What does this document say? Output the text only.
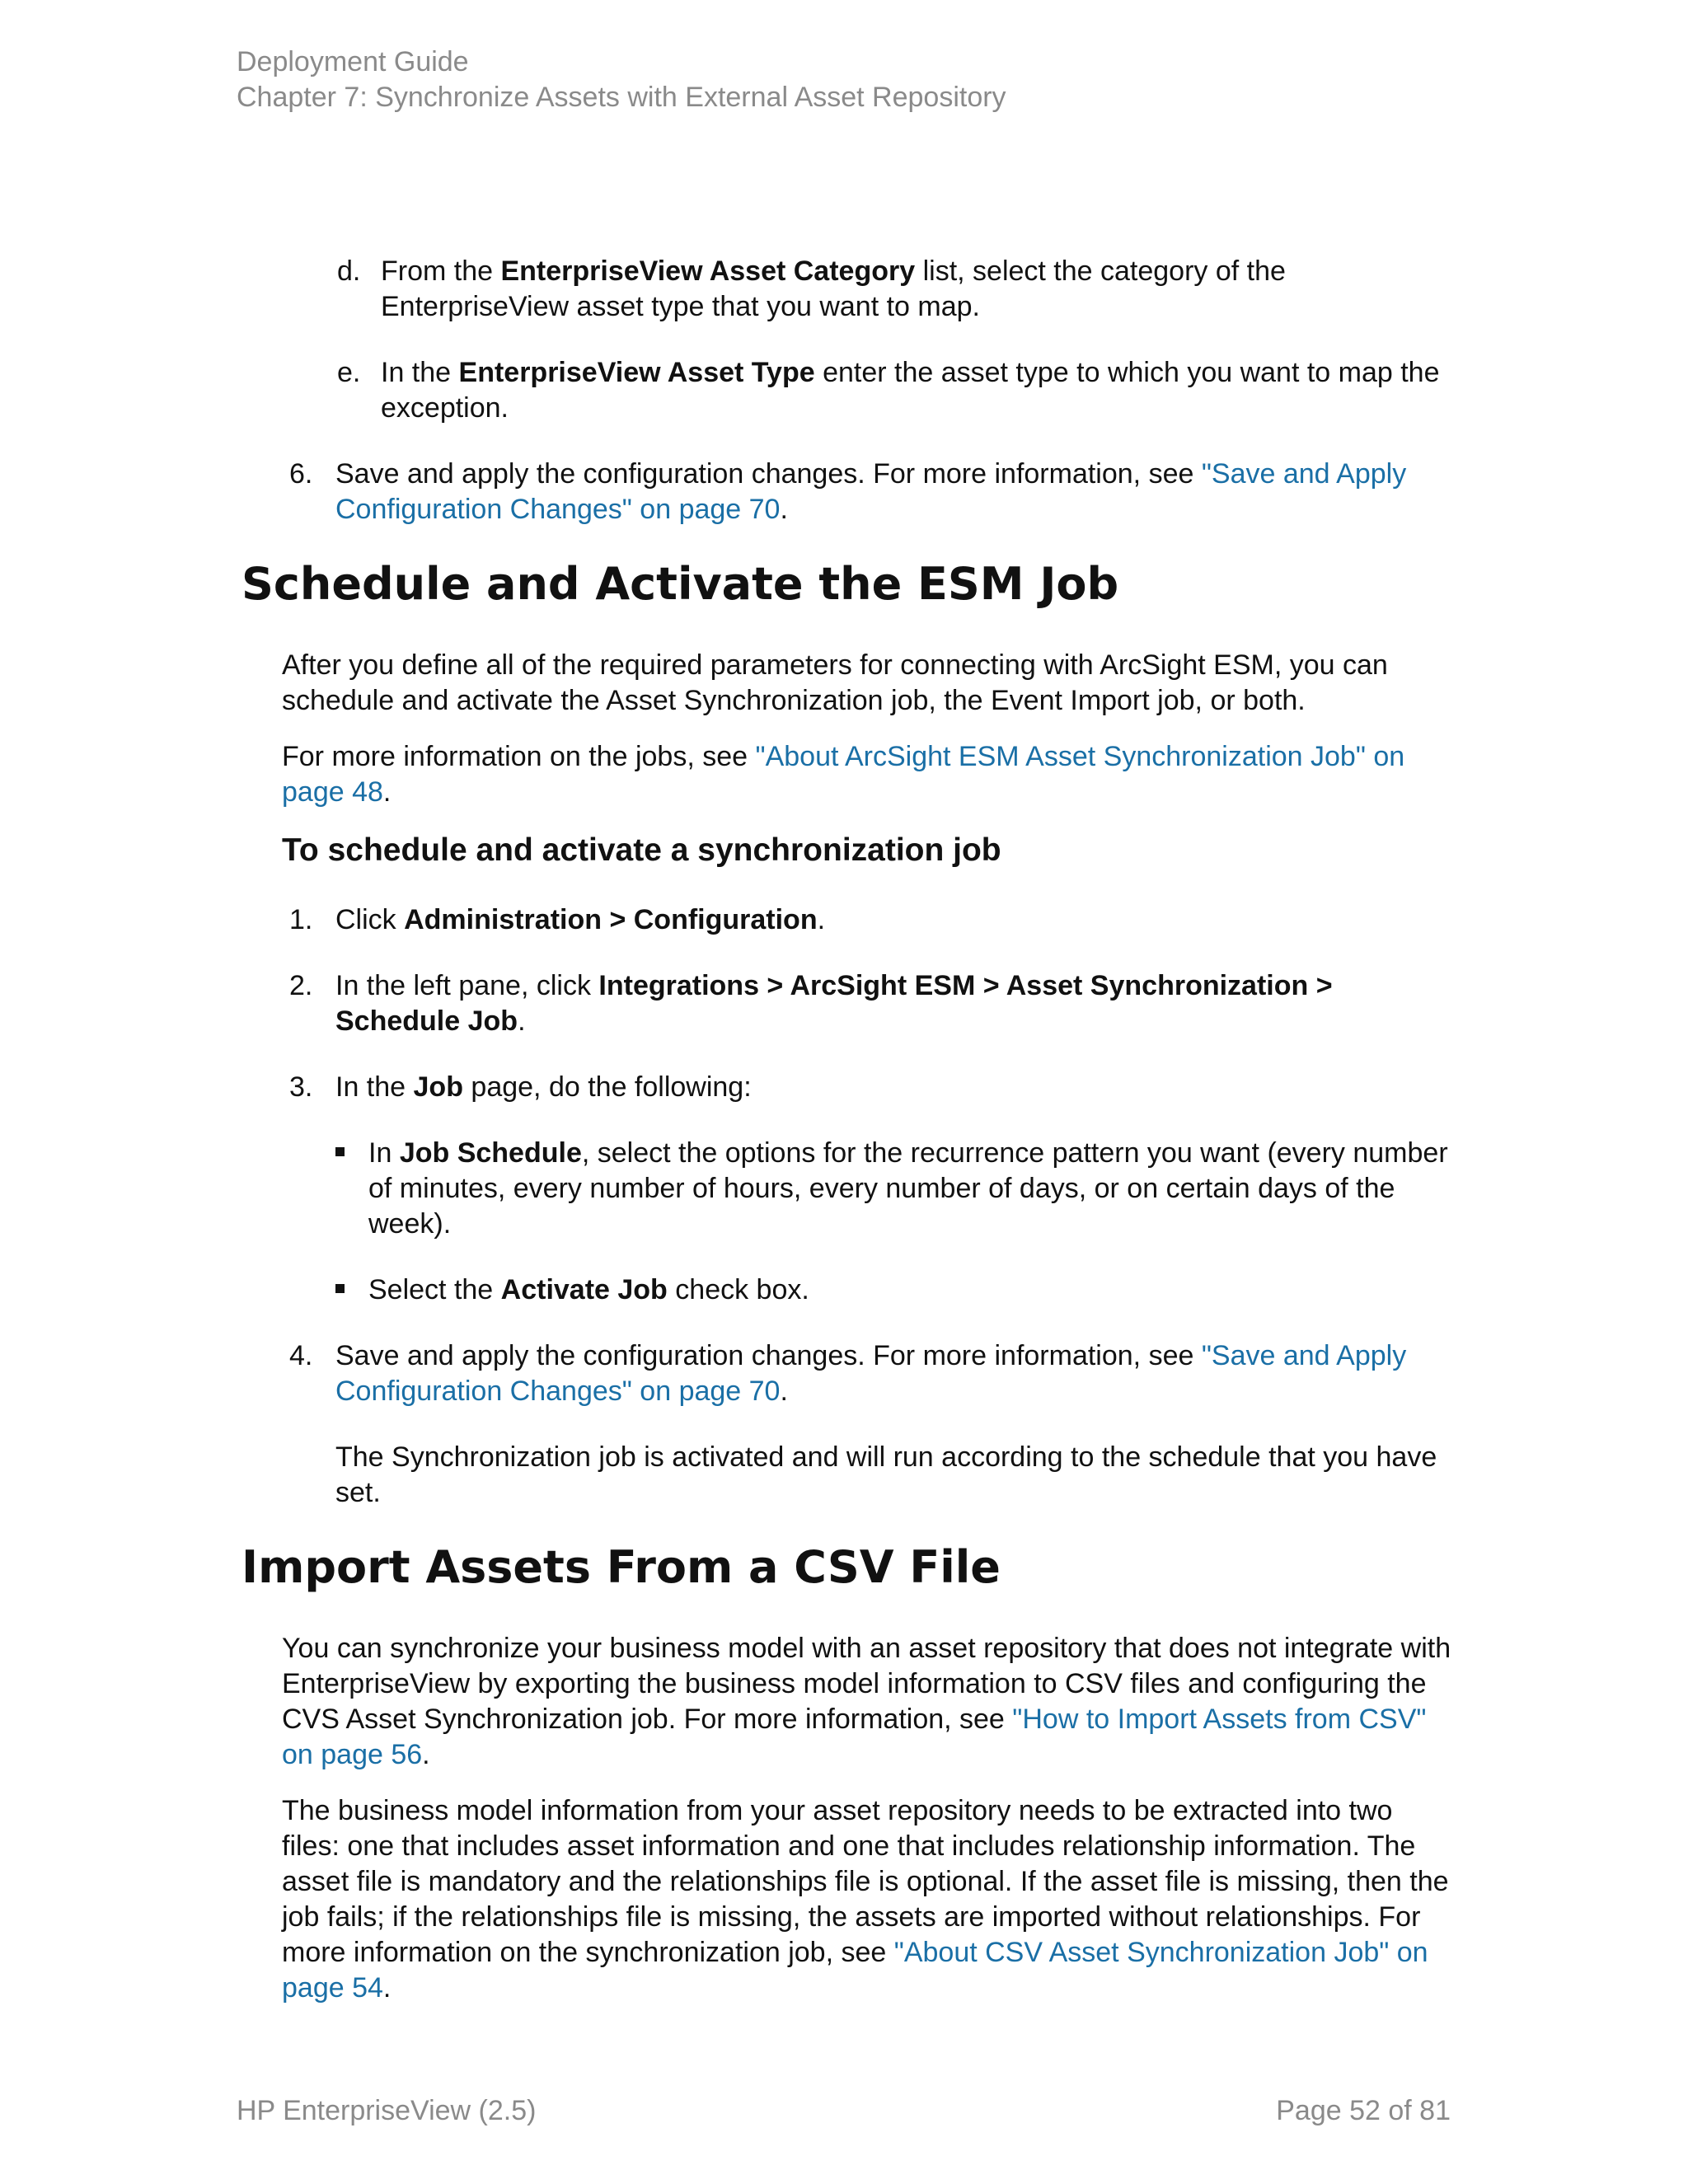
Deployment Guide
Chapter 7: Synchronize Assets with External Asset Repository
d. From the EnterpriseView Asset Category list, select the category of the EnterpriseView asset type that you want to map.
e. In the EnterpriseView Asset Type enter the asset type to which you want to map the exception.
6. Save and apply the configuration changes. For more information, see "Save and Apply Configuration Changes" on page 70.
Schedule and Activate the ESM Job

After you define all of the required parameters for connecting with ArcSight ESM, you can schedule and activate the Asset Synchronization job, the Event Import job, or both.

For more information on the jobs, see "About ArcSight ESM Asset Synchronization Job" on page 48.

To schedule and activate a synchronization job
1. Click Administration > Configuration.
2. In the left pane, click Integrations > ArcSight ESM > Asset Synchronization > Schedule Job.
3. In the Job page, do the following:
In Job Schedule, select the options for the recurrence pattern you want (every number of minutes, every number of hours, every number of days, or on certain days of the week).
Select the Activate Job check box.
4. Save and apply the configuration changes. For more information, see "Save and Apply Configuration Changes" on page 70.

The Synchronization job is activated and will run according to the schedule that you have set.

Import Assets From a CSV File

You can synchronize your business model with an asset repository that does not integrate with EnterpriseView by exporting the business model information to CSV files and configuring the CVS Asset Synchronization job. For more information, see "How to Import Assets from CSV" on page 56.

The business model information from your asset repository needs to be extracted into two files: one that includes asset information and one that includes relationship information. The asset file is mandatory and the relationships file is optional. If the asset file is missing, then the job fails; if the relationships file is missing, the assets are imported without relationships. For more information on the synchronization job, see "About CSV Asset Synchronization Job" on page 54.

HP EnterpriseView (2.5)	Page 52 of 81
